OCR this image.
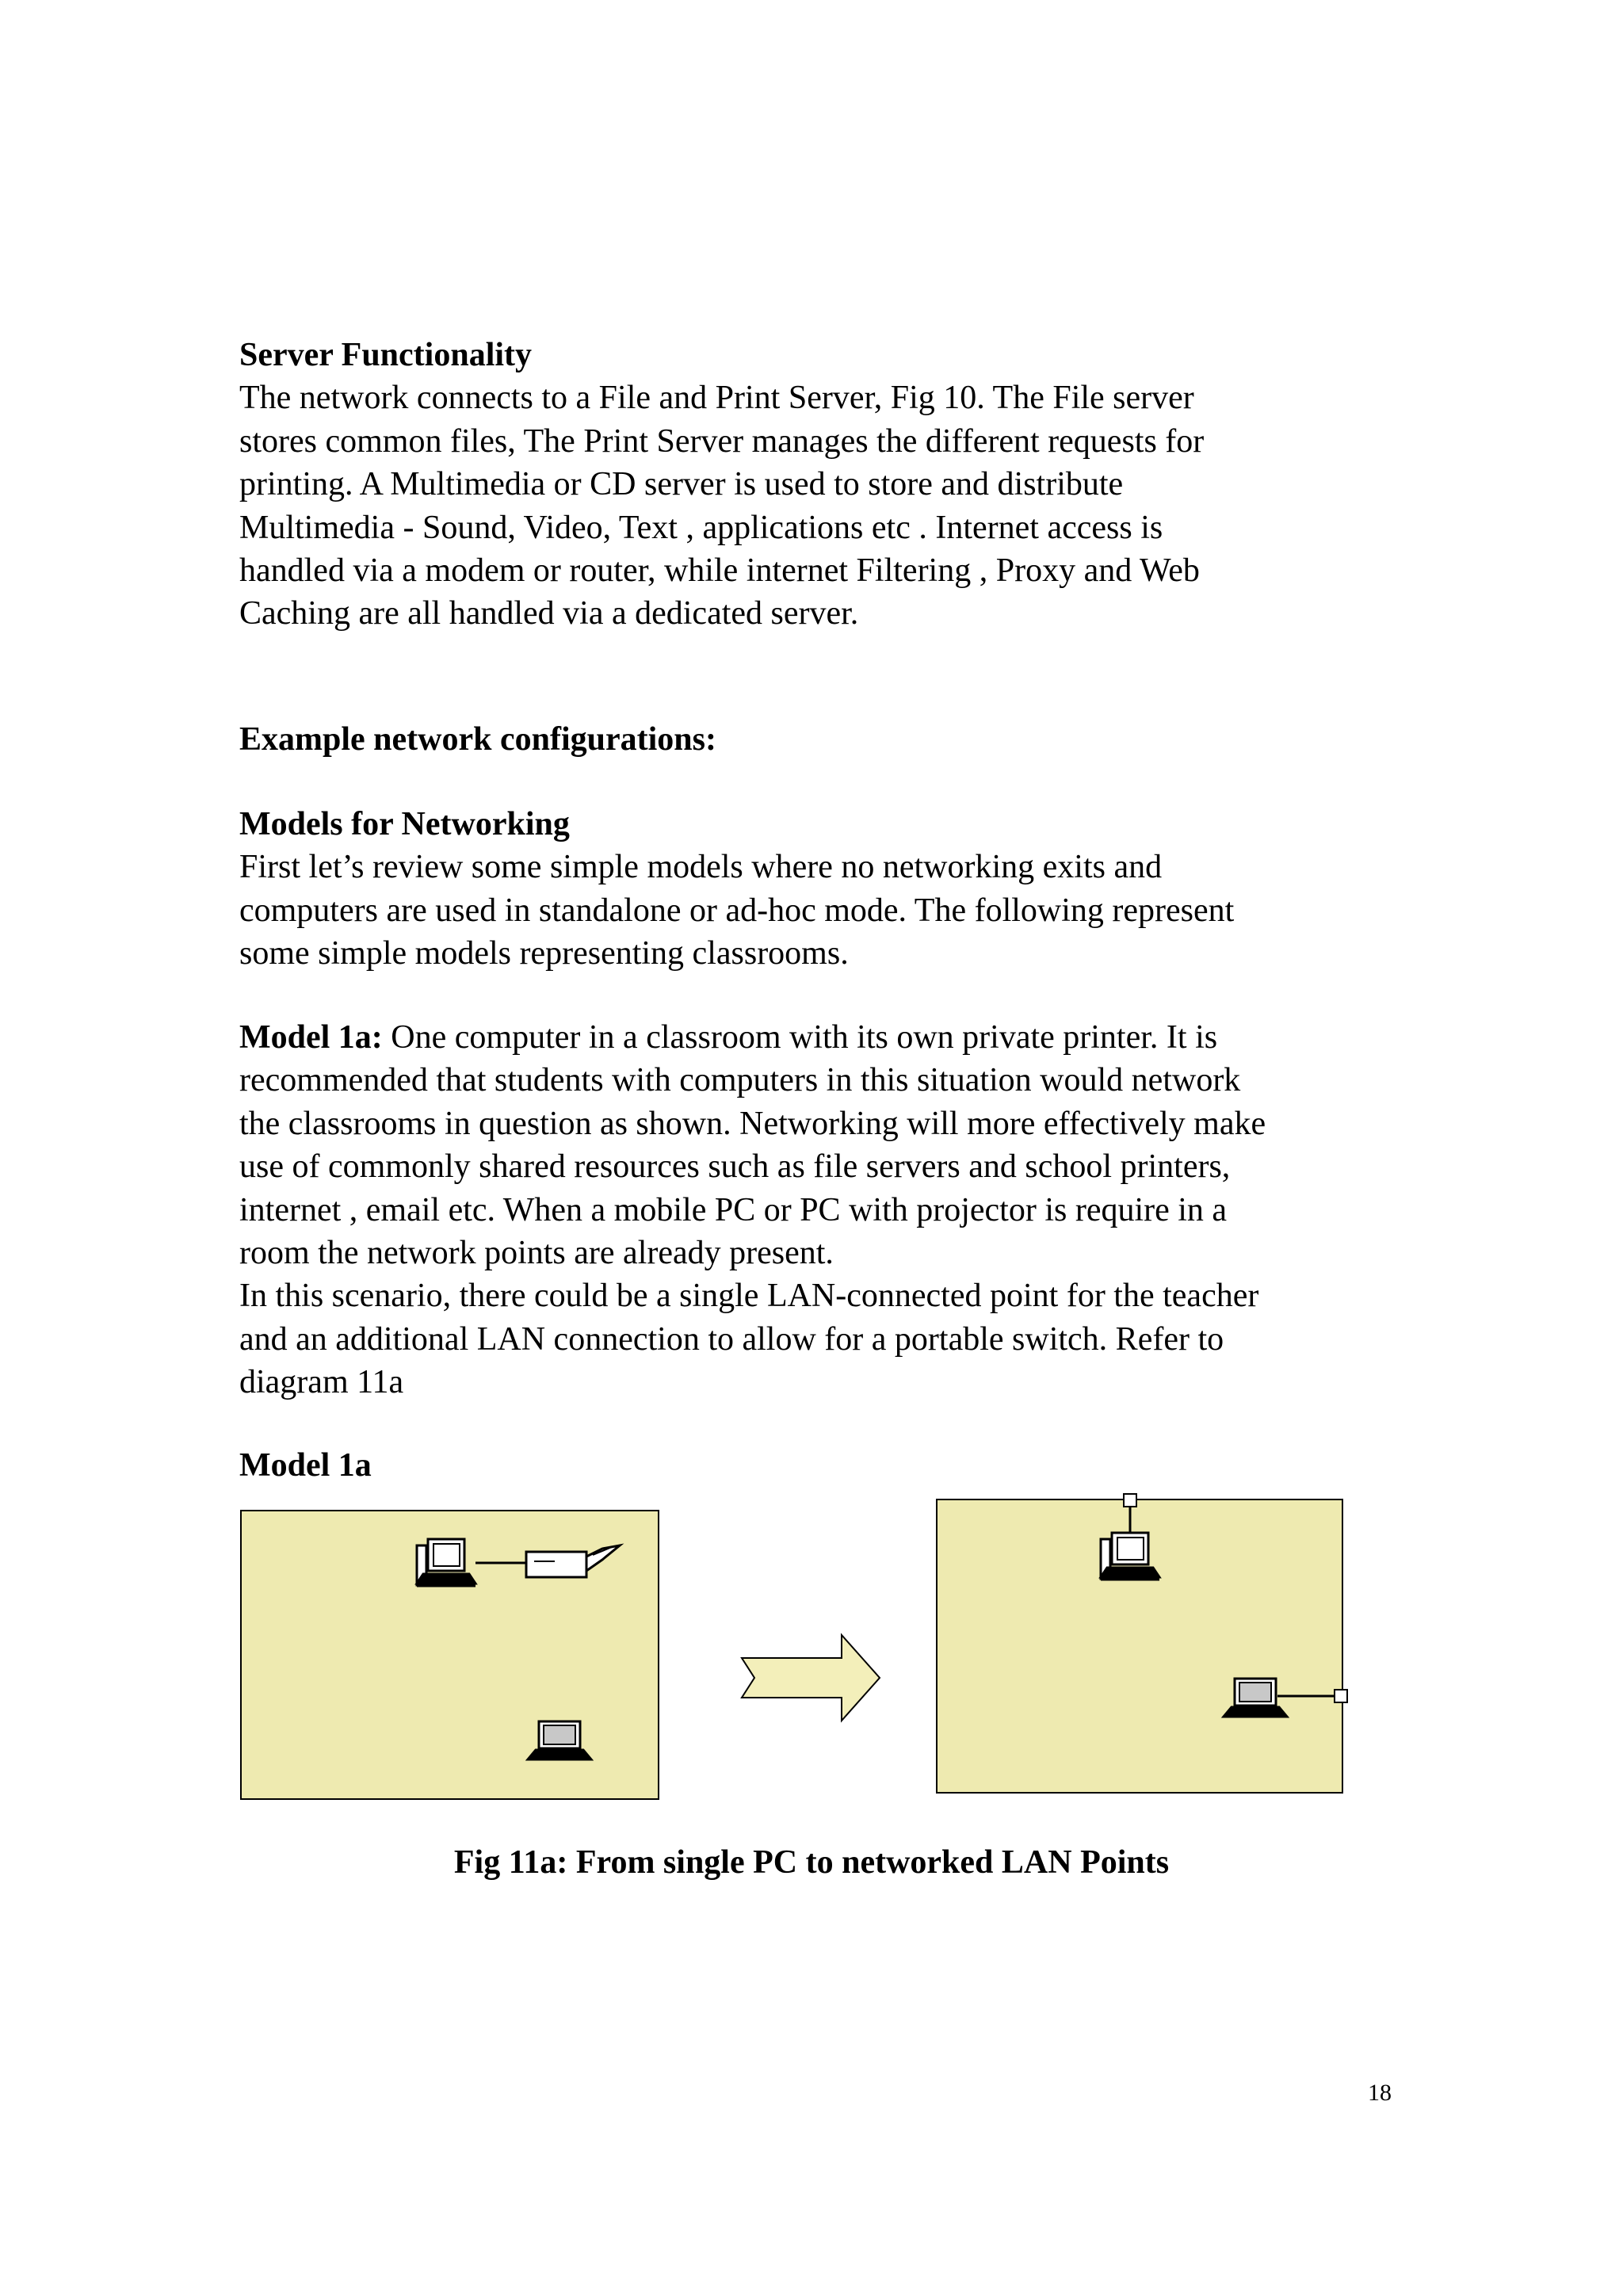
Server Functionality
The network connects to a File and Print Server, Fig 10. The File server
stores common files, The Print Server manages the different requests for
printing. A Multimedia or CD server is used to store and distribute
Multimedia - Sound, Video, Text , applications etc . Internet access is
handled via a modem or router, while internet Filtering , Proxy and Web
Caching are all handled via a dedicated server.
Example network configurations:
Models for Networking
First let’s review some simple models where no networking exits and
computers are used in standalone or ad-hoc mode. The following represent
some simple models representing classrooms.
Model 1a: One computer in a classroom with its own private printer. It is
recommended that students with computers in this situation would network
the classrooms in question as shown. Networking will more effectively make
use of commonly shared resources such as file servers and school printers,
internet , email etc. When a mobile PC or PC with projector is require in a
room the network points are already present.
In this scenario, there could be a single LAN-connected point for the teacher
and an additional LAN connection to allow for a portable switch. Refer to
diagram 11a
Model 1a
Fig 11a: From single PC to networked LAN Points
18
